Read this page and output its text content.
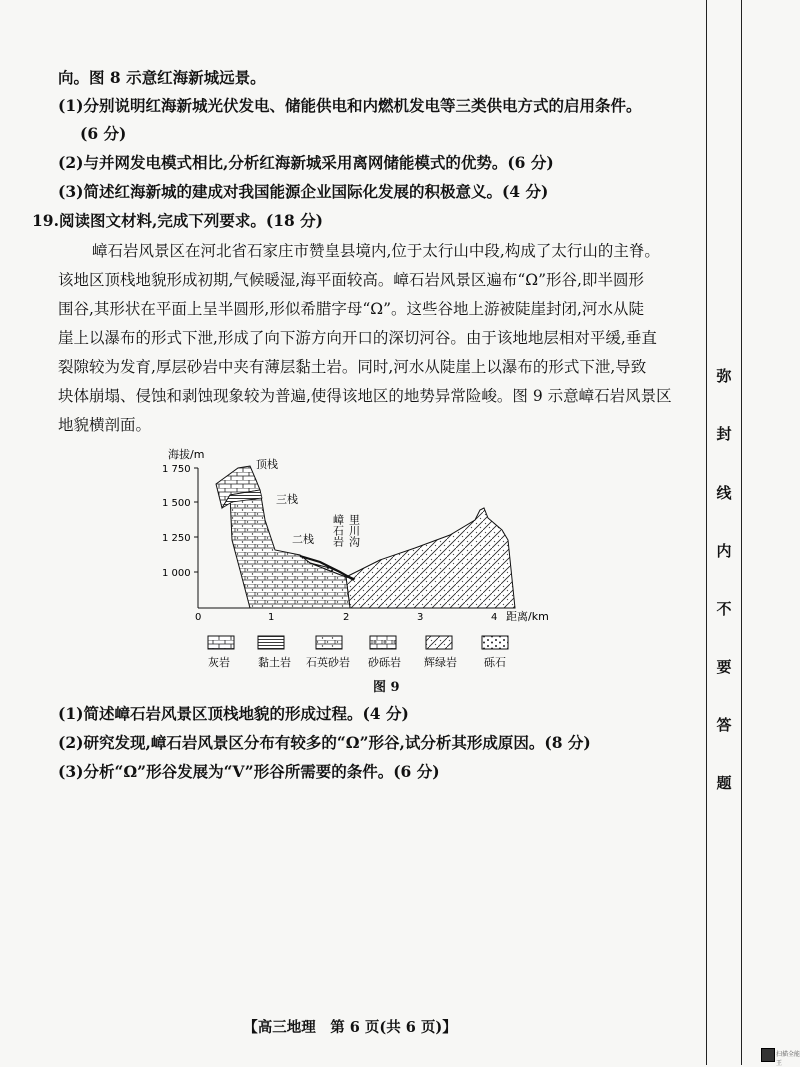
向。图 8 示意红海新城远景。
(1)分别说明红海新城光伏发电、储能供电和内燃机发电等三类供电方式的启用条件。
(6 分)
(2)与并网发电模式相比,分析红海新城采用离网储能模式的优势。(6 分)
(3)简述红海新城的建成对我国能源企业国际化发展的积极意义。(4 分)
19.阅读图文材料,完成下列要求。(18 分)
嶂石岩风景区在河北省石家庄市赞皇县境内,位于太行山中段,构成了太行山的主脊。
该地区顶栈地貌形成初期,气候暖湿,海平面较高。嶂石岩风景区遍布“Ω”形谷,即半圆形
围谷,其形状在平面上呈半圆形,形似希腊字母“Ω”。这些谷地上游被陡崖封闭,河水从陡
崖上以瀑布的形式下泄,形成了向下游方向开口的深切河谷。由于该地地层相对平缓,垂直
裂隙较为发育,厚层砂岩中夹有薄层黏土岩。同时,河水从陡崖上以瀑布的形式下泄,导致
块体崩塌、侵蚀和剥蚀现象较为普遍,使得该地区的地势异常险峻。图 9 示意嶂石岩风景区
地貌横剖面。
海拔/m
1 750
1 500
1 250
1 000
0	1	2	3	4 距离/km
顶栈
三栈
二栈 嶂石岩 里川沟
灰岩	黏土岩 石英砂岩 砂砾岩 辉绿岩 砾石
图 9
(1)简述嶂石岩风景区顶栈地貌的形成过程。(4 分)
(2)研究发现,嶂石岩风景区分布有较多的“Ω”形谷,试分析其形成原因。(8 分)
(3)分析“Ω”形谷发展为“V”形谷所需要的条件。(6 分)
弥
封
线
内
不
要
答
题
【高三地理　第 6 页(共 6 页)】
扫描全能王
